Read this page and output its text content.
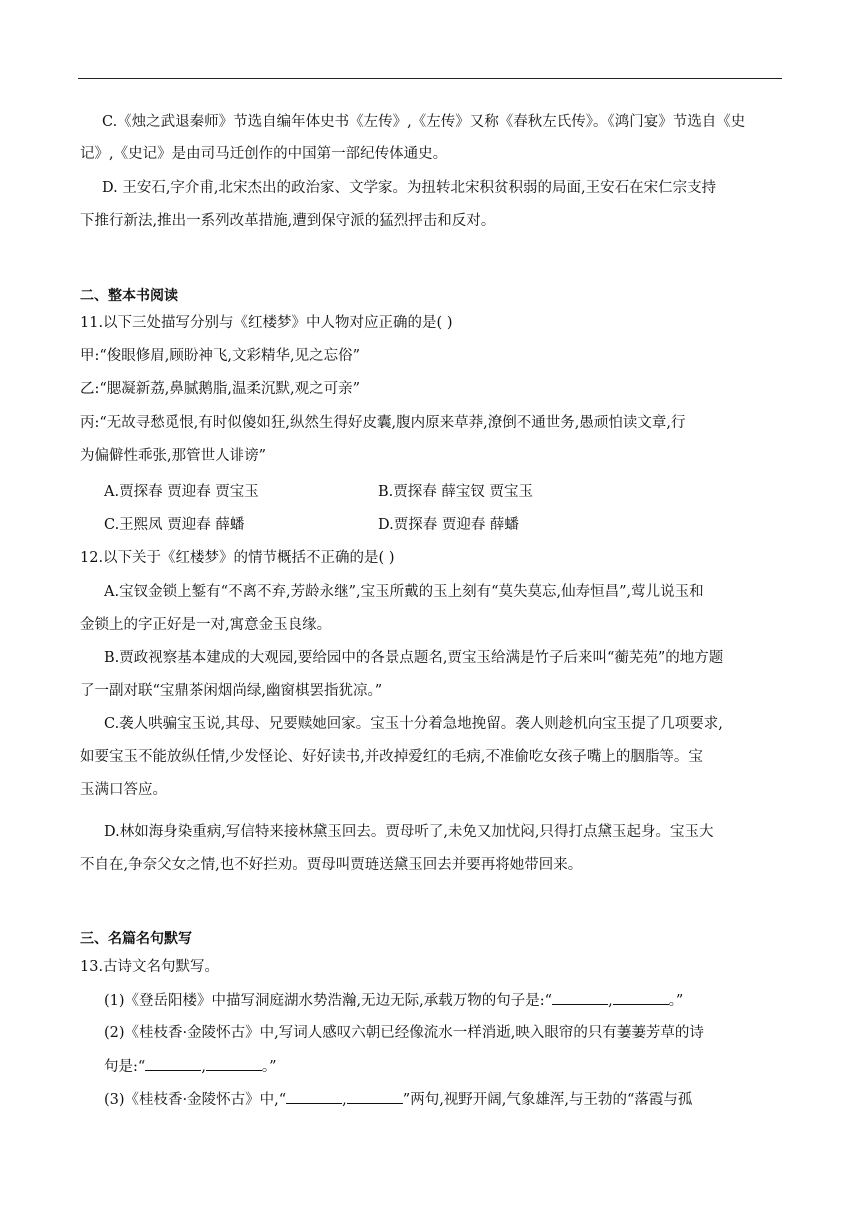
C.《烛之武退秦师》节选自编年体史书《左传》,《左传》又称《春秋左氏传》。《鸿门宴》节选自《史
记》,《史记》是由司马迁创作的中国第一部纪传体通史。
D. 王安石,字介甫,北宋杰出的政治家、文学家。为扭转北宋积贫积弱的局面,王安石在宋仁宗支持
下推行新法,推出一系列改革措施,遭到保守派的猛烈抨击和反对。
二、整本书阅读
11.以下三处描写分别与《红楼梦》中人物对应正确的是( )
甲:“俊眼修眉,顾盼神飞,文彩精华,见之忘俗”
乙:“腮凝新荔,鼻腻鹅脂,温柔沉默,观之可亲”
丙:“无故寻愁觅恨,有时似傻如狂,纵然生得好皮囊,腹内原来草莽,潦倒不通世务,愚顽怕读文章,行
为偏僻性乖张,那管世人诽谤”
A.贾探春 贾迎春 贾宝玉	B.贾探春 薛宝钗 贾宝玉
C.王熙凤 贾迎春 薛蟠	D.贾探春 贾迎春 薛蟠
12.以下关于《红楼梦》的情节概括不正确的是( )
A.宝钗金锁上錾有“不离不弃,芳龄永继”,宝玉所戴的玉上刻有“莫失莫忘,仙寿恒昌”,莺儿说玉和
金锁上的字正好是一对,寓意金玉良缘。
B.贾政视察基本建成的大观园,要给园中的各景点题名,贾宝玉给满是竹子后来叫“蘅芜苑”的地方题
了一副对联“宝鼎茶闲烟尚绿,幽窗棋罢指犹凉。”
C.袭人哄骗宝玉说,其母、兄要赎她回家。宝玉十分着急地挽留。袭人则趁机向宝玉提了几项要求,
如要宝玉不能放纵任情,少发怪论、好好读书,并改掉爱红的毛病,不准偷吃女孩子嘴上的胭脂等。宝
玉满口答应。
D.林如海身染重病,写信特来接林黛玉回去。贾母听了,未免又加忧闷,只得打点黛玉起身。宝玉大
不自在,争奈父女之情,也不好拦劝。贾母叫贾琏送黛玉回去并要再将她带回来。
三、名篇名句默写
13.古诗文名句默写。
(1)《登岳阳楼》中描写洞庭湖水势浩瀚,无边无际,承载万物的句子是:“	,	。”
(2)《桂枝香·金陵怀古》中,写词人感叹六朝已经像流水一样消逝,映入眼帘的只有萋萋芳草的诗
句是:“	,	。”
(3)《桂枝香·金陵怀古》中,“	,	”两句,视野开阔,气象雄浑,与王勃的“落霞与孤
